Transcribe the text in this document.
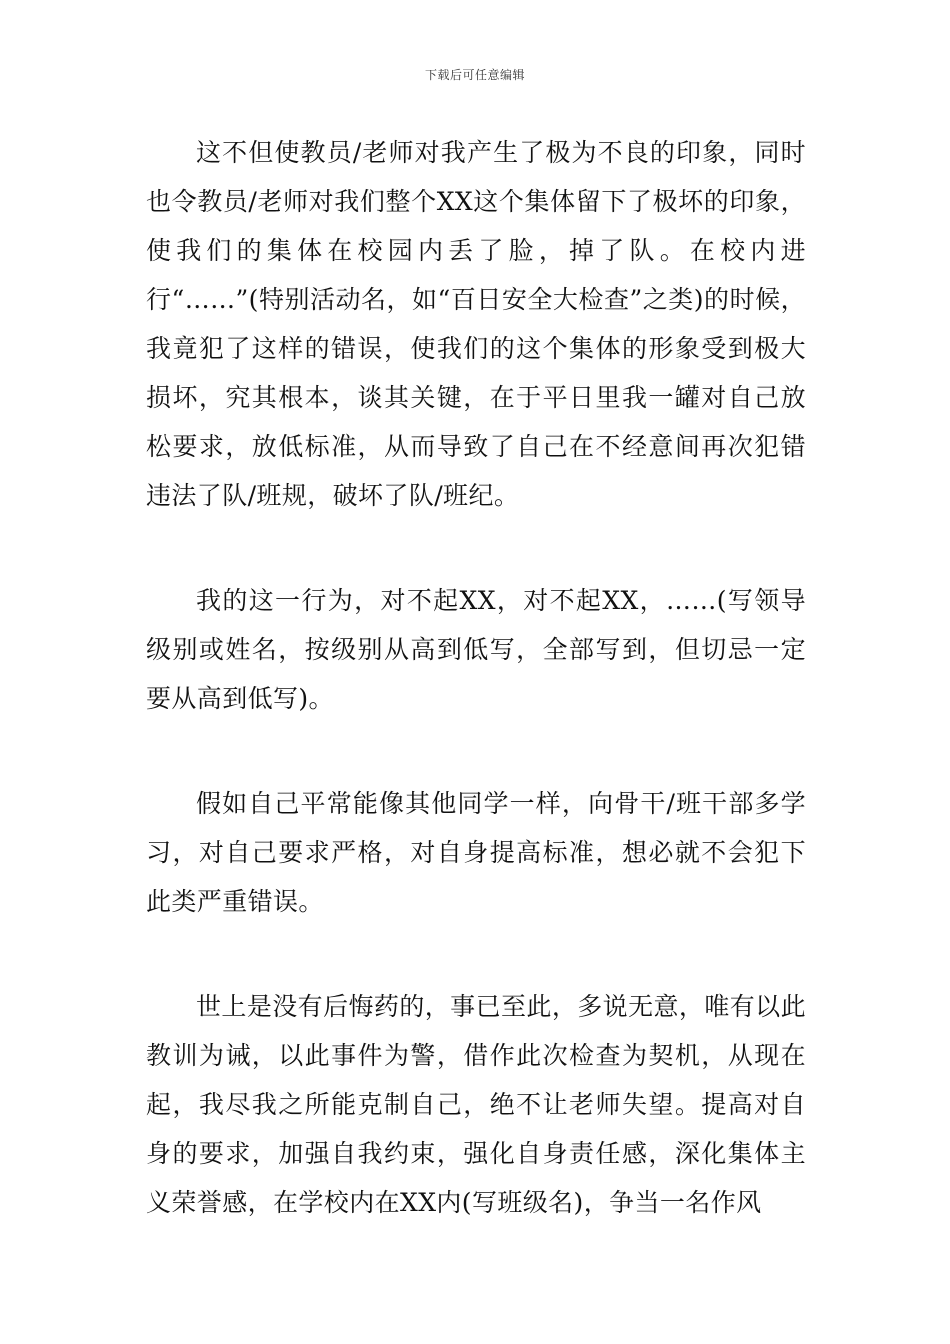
下载后可任意编辑

这不但使教员/老师对我产生了极为不良的印象，同时也令教员/老师对我们整个XX这个集体留下了极坏的印象，使我们的集体在校园内丢了脸，掉了队。在校内进行“……”(特别活动名，如“百日安全大检查”之类)的时候，我竟犯了这样的错误，使我们的这个集体的形象受到极大损坏，究其根本，谈其关键，在于平日里我一罐对自己放松要求，放低标准，从而导致了自己在不经意间再次犯错违法了队/班规，破坏了队/班纪。

我的这一行为，对不起XX，对不起XX，……(写领导级别或姓名，按级别从高到低写，全部写到，但切忌一定要从高到低写)。

假如自己平常能像其他同学一样，向骨干/班干部多学习，对自己要求严格，对自身提高标准，想必就不会犯下此类严重错误。

世上是没有后悔药的，事已至此，多说无意，唯有以此教训为诫，以此事件为警，借作此次检查为契机，从现在起，我尽我之所能克制自己，绝不让老师失望。提高对自身的要求，加强自我约束，强化自身责任感，深化集体主义荣誉感，在学校内在XX内(写班级名)，争当一名作风
